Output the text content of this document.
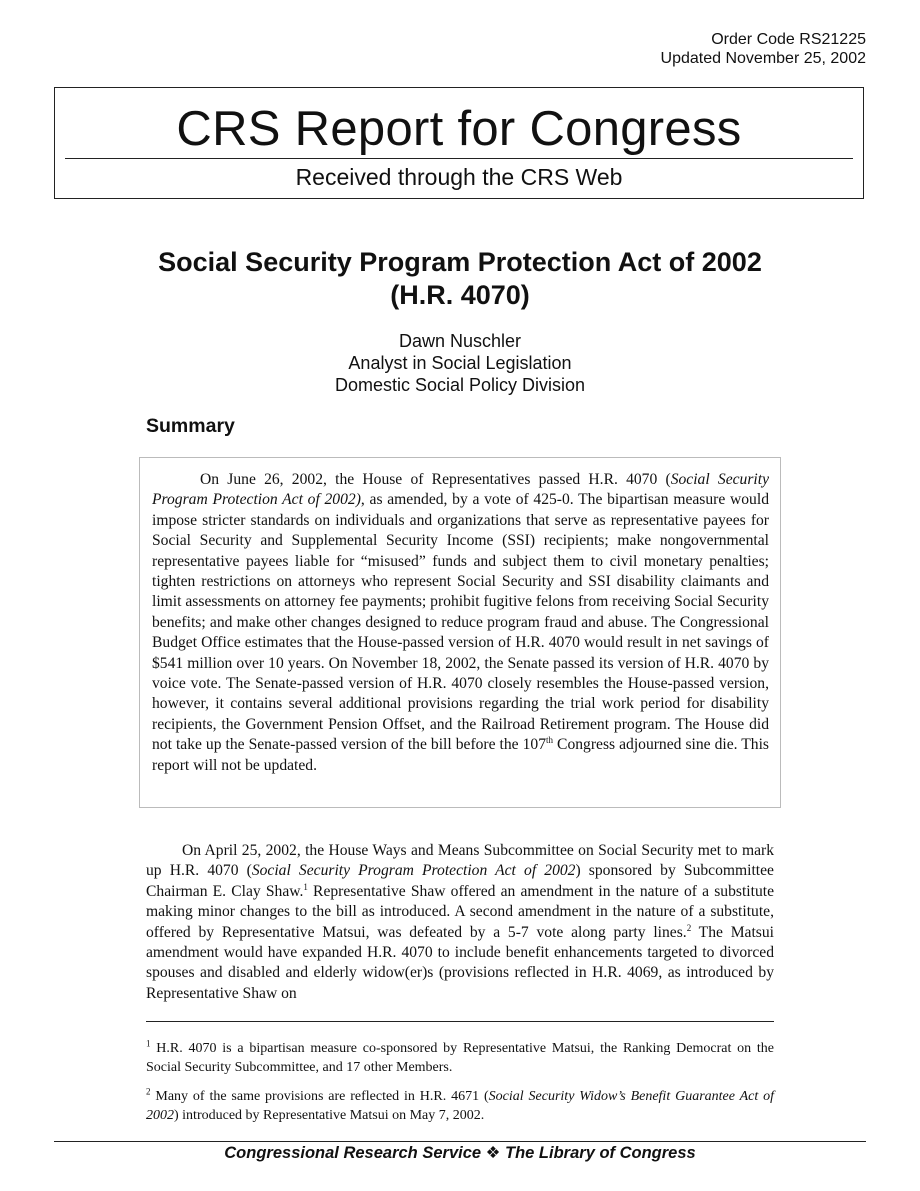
Order Code RS21225
Updated November 25, 2002
CRS Report for Congress
Received through the CRS Web
Social Security Program Protection Act of 2002 (H.R. 4070)
Dawn Nuschler
Analyst in Social Legislation
Domestic Social Policy Division
Summary

On June 26, 2002, the House of Representatives passed H.R. 4070 (Social Security Program Protection Act of 2002), as amended, by a vote of 425-0. The bipartisan measure would impose stricter standards on individuals and organizations that serve as representative payees for Social Security and Supplemental Security Income (SSI) recipients; make nongovernmental representative payees liable for “misused” funds and subject them to civil monetary penalties; tighten restrictions on attorneys who represent Social Security and SSI disability claimants and limit assessments on attorney fee payments; prohibit fugitive felons from receiving Social Security benefits; and make other changes designed to reduce program fraud and abuse. The Congressional Budget Office estimates that the House-passed version of H.R. 4070 would result in net savings of $541 million over 10 years. On November 18, 2002, the Senate passed its version of H.R. 4070 by voice vote. The Senate-passed version of H.R. 4070 closely resembles the House-passed version, however, it contains several additional provisions regarding the trial work period for disability recipients, the Government Pension Offset, and the Railroad Retirement program. The House did not take up the Senate-passed version of the bill before the 107th Congress adjourned sine die. This report will not be updated.

On April 25, 2002, the House Ways and Means Subcommittee on Social Security met to mark up H.R. 4070 (Social Security Program Protection Act of 2002) sponsored by Subcommittee Chairman E. Clay Shaw.$^1$ Representative Shaw offered an amendment in the nature of a substitute making minor changes to the bill as introduced. A second amendment in the nature of a substitute, offered by Representative Matsui, was defeated by a 5-7 vote along party lines.$^2$ The Matsui amendment would have expanded H.R. 4070 to include benefit enhancements targeted to divorced spouses and disabled and elderly widow(er)s (provisions reflected in H.R. 4069, as introduced by Representative Shaw on

$^1$ H.R. 4070 is a bipartisan measure co-sponsored by Representative Matsui, the Ranking Democrat on the Social Security Subcommittee, and 17 other Members.

$^2$ Many of the same provisions are reflected in H.R. 4671 (Social Security Widow’s Benefit Guarantee Act of 2002) introduced by Representative Matsui on May 7, 2002.

Congressional Research Service ❖ The Library of Congress
